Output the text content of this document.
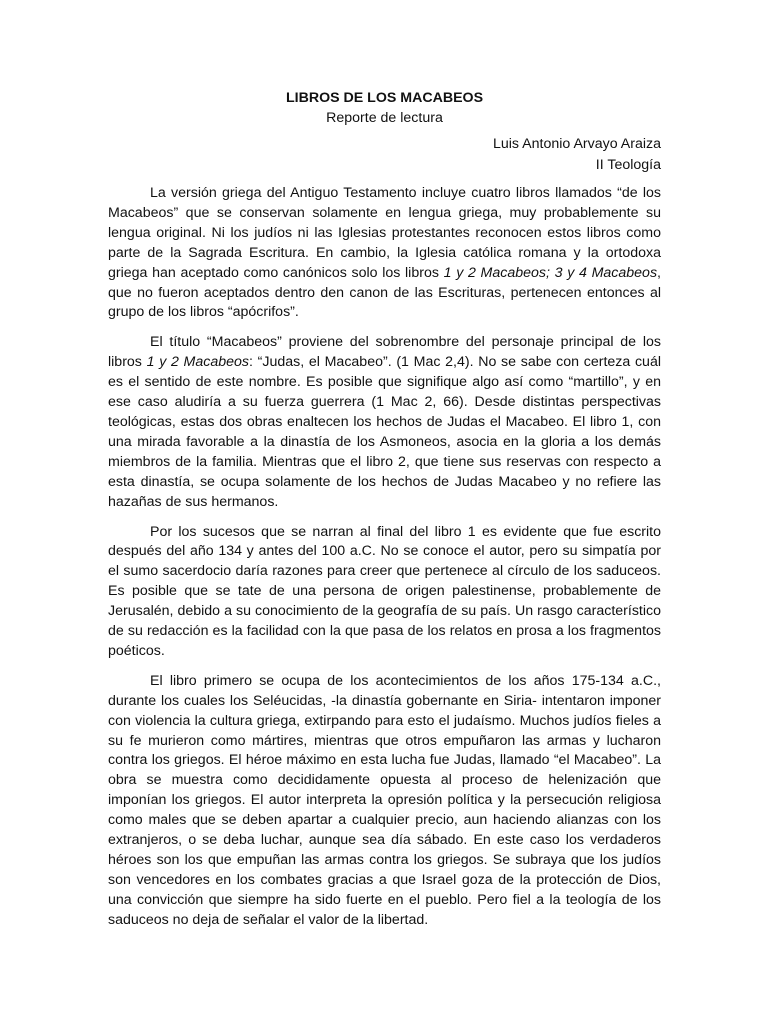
LIBROS DE LOS MACABEOS
Reporte de lectura
Luis Antonio Arvayo Araiza
II Teología

La versión griega del Antiguo Testamento incluye cuatro libros llamados “de los Macabeos” que se conservan solamente en lengua griega, muy probablemente su lengua original. Ni los judíos ni las Iglesias protestantes reconocen estos libros como parte de la Sagrada Escritura. En cambio, la Iglesia católica romana y la ortodoxa griega han aceptado como canónicos solo los libros 1 y 2 Macabeos; 3 y 4 Macabeos, que no fueron aceptados dentro den canon de las Escrituras, pertenecen entonces al grupo de los libros “apócrifos”.

El título “Macabeos” proviene del sobrenombre del personaje principal de los libros 1 y 2 Macabeos: “Judas, el Macabeo”. (1 Mac 2,4). No se sabe con certeza cuál es el sentido de este nombre. Es posible que signifique algo así como “martillo”, y en ese caso aludiría a su fuerza guerrera (1 Mac 2, 66). Desde distintas perspectivas teológicas, estas dos obras enaltecen los hechos de Judas el Macabeo. El libro 1, con una mirada favorable a la dinastía de los Asmoneos, asocia en la gloria a los demás miembros de la familia. Mientras que el libro 2, que tiene sus reservas con respecto a esta dinastía, se ocupa solamente de los hechos de Judas Macabeo y no refiere las hazañas de sus hermanos.

Por los sucesos que se narran al final del libro 1 es evidente que fue escrito después del año 134 y antes del 100 a.C. No se conoce el autor, pero su simpatía por el sumo sacerdocio daría razones para creer que pertenece al círculo de los saduceos. Es posible que se tate de una persona de origen palestinense, probablemente de Jerusalén, debido a su conocimiento de la geografía de su país. Un rasgo característico de su redacción es la facilidad con la que pasa de los relatos en prosa a los fragmentos poéticos.

El libro primero se ocupa de los acontecimientos de los años 175-134 a.C., durante los cuales los Seléucidas, -la dinastía gobernante en Siria- intentaron imponer con violencia la cultura griega, extirpando para esto el judaísmo. Muchos judíos fieles a su fe murieron como mártires, mientras que otros empuñaron las armas y lucharon contra los griegos. El héroe máximo en esta lucha fue Judas, llamado “el Macabeo”. La obra se muestra como decididamente opuesta al proceso de helenización que imponían los griegos. El autor interpreta la opresión política y la persecución religiosa como males que se deben apartar a cualquier precio, aun haciendo alianzas con los extranjeros, o se deba luchar, aunque sea día sábado. En este caso los verdaderos héroes son los que empuñan las armas contra los griegos. Se subraya que los judíos son vencedores en los combates gracias a que Israel goza de la protección de Dios, una convicción que siempre ha sido fuerte en el pueblo. Pero fiel a la teología de los saduceos no deja de señalar el valor de la libertad.
